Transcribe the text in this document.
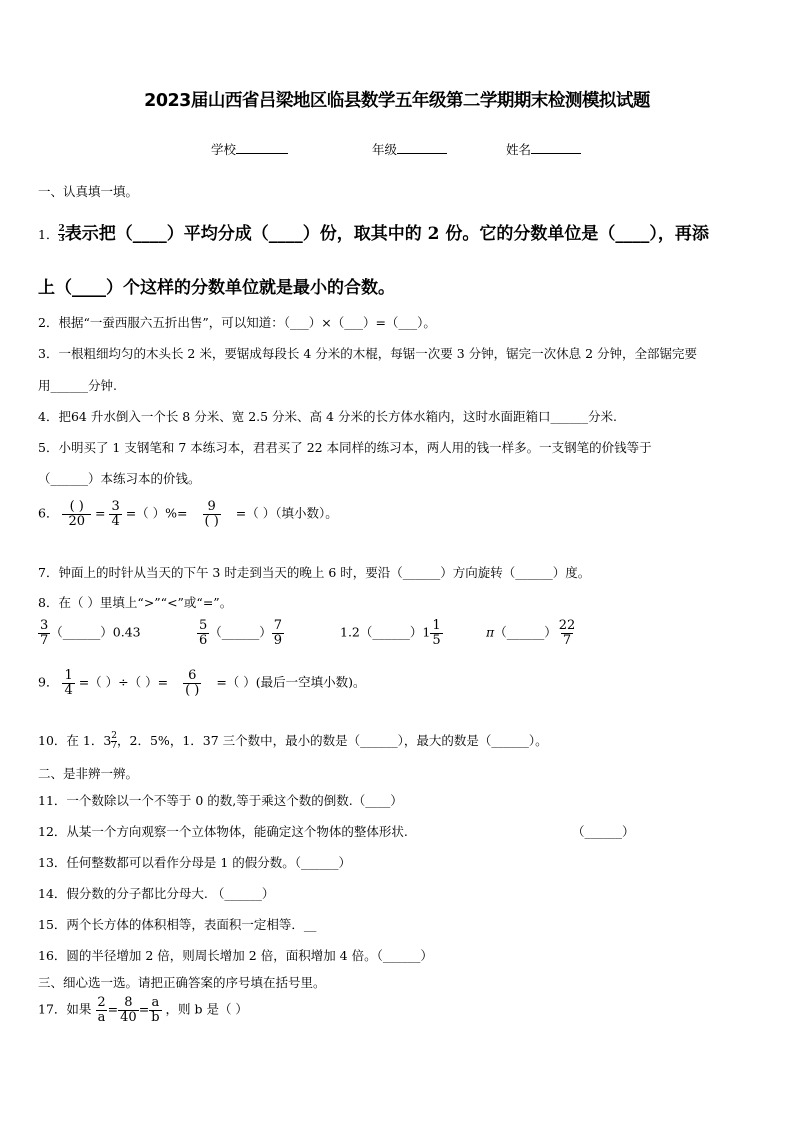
2023届山西省吕梁地区临县数学五年级第二学期期末检测模拟试题
学校	年级	姓名
一、认真填一填。
1． $\frac{2}{3}$ 表示把（____）平均分成（____）份，取其中的 2 份。它的分数单位是（____），再添
上（____）个这样的分数单位就是最小的合数。
2．根据“一蚕西服六五折出售”，可以知道：（___）×（___）=（___）。
3．一根粗细均匀的木头长 2 米，要锯成每段长 4 分米的木棍，每锯一次要 3 分钟，锯完一次休息 2 分钟，全部锯完要
用______分钟.
4．把64 升水倒入一个长 8 分米、宽 2.5 分米、高 4 分米的长方体水箱内，这时水面距箱口______分米.
5．小明买了 1 支钢笔和 7 本练习本，君君买了 22 本同样的练习本，两人用的钱一样多。一支钢笔的价钱等于
（______）本练习本的价钱。
6． $\frac{( )}{20} = \frac{3}{4}$ =（ ）%= $\frac{9}{( )}$ =（ ）（填小数）。
7．钟面上的时针从当天的下午 3 时走到当天的晚上 6 时，要沿（______）方向旋转（______）度。
8．在（ ）里填上“>”“<”或“=”。
$\frac{3}{7}$ （______）0.43	$\frac{5}{6}$ （______） $\frac{7}{9}$	1.2（______）1 $\frac{1}{5}$	π（______） $\frac{22}{7}$
9． $\frac{1}{4}$ =（ ）÷（ ）= $\frac{6}{( )}$ =（ ）(最后一空填小数)。
10．在 1．$3 \frac{2}{7}$ ，2．5%，1．37 三个数中，最小的数是（______），最大的数是（______）。
二、是非辨一辨。
11．一个数除以一个不等于 0 的数,等于乘这个数的倒数.（____）
12．从某一个方向观察一个立体物体，能确定这个物体的整体形状.	（______）
13．任何整数都可以看作分母是 1 的假分数。（______）
14．假分数的分子都比分母大. （______）
15．两个长方体的体积相等，表面积一定相等．__
16．圆的半径增加 2 倍，则周长增加 2 倍，面积增加 4 倍。（______）
三、细心选一选。请把正确答案的序号填在括号里。
17．如果 $\frac{2}{a} = \frac{8}{40} = \frac{a}{b}$ ，则 b 是（ ）
